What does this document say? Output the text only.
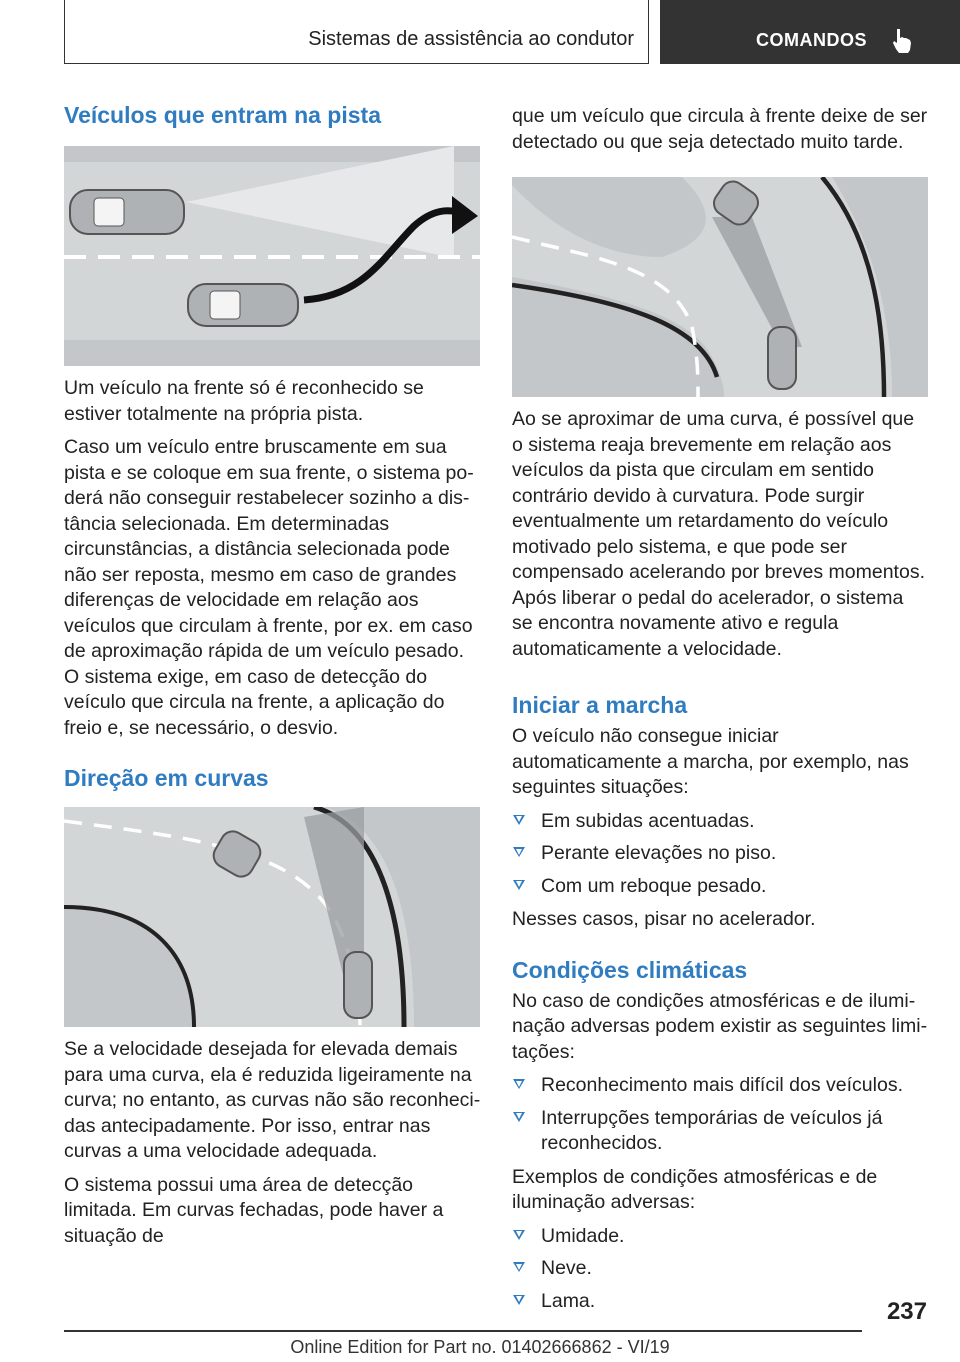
Sistemas de assistência ao condutor	COMANDOS
Veículos que entram na pista

Um veículo na frente só é reconhecido se estiver totalmente na própria pista.

Caso um veículo entre bruscamente em sua pista e se coloque em sua frente, o sistema poderá não conseguir restabelecer sozinho a distância selecionada. Em determinadas circunstâncias, a distância selecionada pode não ser reposta, mesmo em caso de grandes diferenças de velocidade em relação aos veículos que circulam à frente, por ex. em caso de aproximação rápida de um veículo pesado. O sistema exige, em caso de detecção do veículo que circula na frente, a aplicação do freio e, se necessário, o desvio.

Direção em curvas

Se a velocidade desejada for elevada demais para uma curva, ela é reduzida ligeiramente na curva; no entanto, as curvas não são reconhecidas antecipadamente. Por isso, entrar nas curvas a uma velocidade adequada.

O sistema possui uma área de detecção limitada. Em curvas fechadas, pode haver a situação de

que um veículo que circula à frente deixe de ser detectado ou que seja detectado muito tarde.

Ao se aproximar de uma curva, é possível que o sistema reaja brevemente em relação aos veículos da pista que circulam em sentido contrário devido à curvatura. Pode surgir eventualmente um retardamento do veículo motivado pelo sistema, e que pode ser compensado acelerando por breves momentos. Após liberar o pedal do acelerador, o sistema se encontra novamente ativo e regula automaticamente a velocidade.

Iniciar a marcha

O veículo não consegue iniciar automaticamente a marcha, por exemplo, nas seguintes situações:

Em subidas acentuadas.
Perante elevações no piso.
Com um reboque pesado.

Nesses casos, pisar no acelerador.

Condições climáticas

No caso de condições atmosféricas e de iluminação adversas podem existir as seguintes limitações:

Reconhecimento mais difícil dos veículos.
Interrupções temporárias de veículos já reconhecidos.

Exemplos de condições atmosféricas e de iluminação adversas:

Umidade.
Neve.
Lama.	237
Online Edition for Part no. 01402666862 - VI/19
